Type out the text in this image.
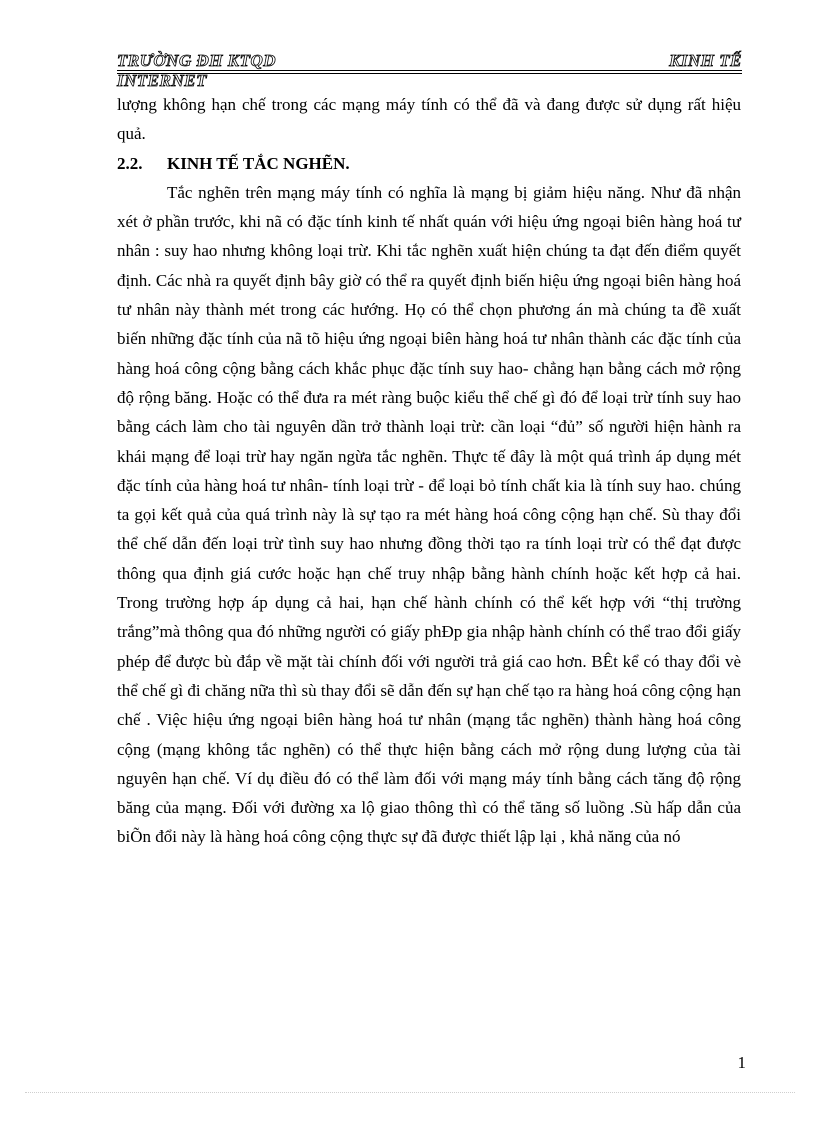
TRƯỜNG ĐH KTQD	KINH TẾ
INTERNET

lượng không hạn chế trong các mạng máy tính có thể đã và đang được sử dụng rất hiệu quả.

2.2.	KINH TẾ TẮC NGHẼN.

Tắc nghẽn trên mạng máy tính có nghĩa là mạng bị giảm hiệu năng. Như đã nhận xét ở phần trước, khi nã có đặc tính kinh tế nhất quán với hiệu ứng ngoại biên hàng hoá tư nhân : suy hao nhưng không loại trừ. Khi tắc nghẽn xuất hiện chúng ta đạt đến điểm quyết định. Các nhà ra quyết định bây giờ có thể ra quyết định biến hiệu ứng ngoại biên hàng hoá tư nhân này thành mét trong các hướng. Họ có thể chọn phương án mà chúng ta đề xuất biến những đặc tính của nã tõ hiệu ứng ngoại biên hàng hoá tư nhân thành các đặc tính của hàng hoá công cộng bằng cách khắc phục đặc tính suy hao- chẳng hạn bằng cách mở rộng độ rộng băng. Hoặc có thể đưa ra mét ràng buộc kiểu thể chế gì đó để loại trừ tính suy hao bằng cách làm cho tài nguyên dần trở thành loại trừ: cần loại “đủ” số người hiện hành ra khái mạng để loại trừ hay ngăn ngừa tắc nghẽn. Thực tế đây là một quá trình áp dụng mét đặc tính của hàng hoá tư nhân- tính loại trừ - để loại bỏ tính chất kia là tính suy hao. chúng ta gọi kết quả của quá trình này là sự tạo ra mét hàng hoá công cộng hạn chế. Sù thay đổi thể chế dẫn đến loại trừ tình suy hao nhưng đồng thời tạo ra tính loại trừ có thể đạt được thông qua định giá cước hoặc hạn chế truy nhập bằng hành chính hoặc kết hợp cả hai. Trong trường hợp áp dụng cả hai, hạn chế hành chính có thể kết hợp với “thị trường trắng”mà thông qua đó những người có giấy phĐp gia nhập hành chính có thể trao đổi giấy phép để được bù đắp về mặt tài chính đối với người trả giá cao hơn. BÊt kể có thay đổi vè thể chế gì đi chăng nữa thì sù thay đổi sẽ dẫn đến sự hạn chế tạo ra hàng hoá công cộng hạn chế . Việc hiệu ứng ngoại biên hàng hoá tư nhân (mạng tắc nghẽn) thành hàng hoá công cộng (mạng không tắc nghẽn) có thể thực hiện bằng cách mở rộng dung lượng của tài nguyên hạn chế. Ví dụ điều đó có thể làm đối với mạng máy tính bằng cách tăng độ rộng băng của mạng. Đối với đường xa lộ giao thông thì có thể tăng số luồng .Sù hấp dẫn của biÕn đổi này là hàng hoá công cộng thực sự đã được thiết lập lại , khả năng của nó

1
